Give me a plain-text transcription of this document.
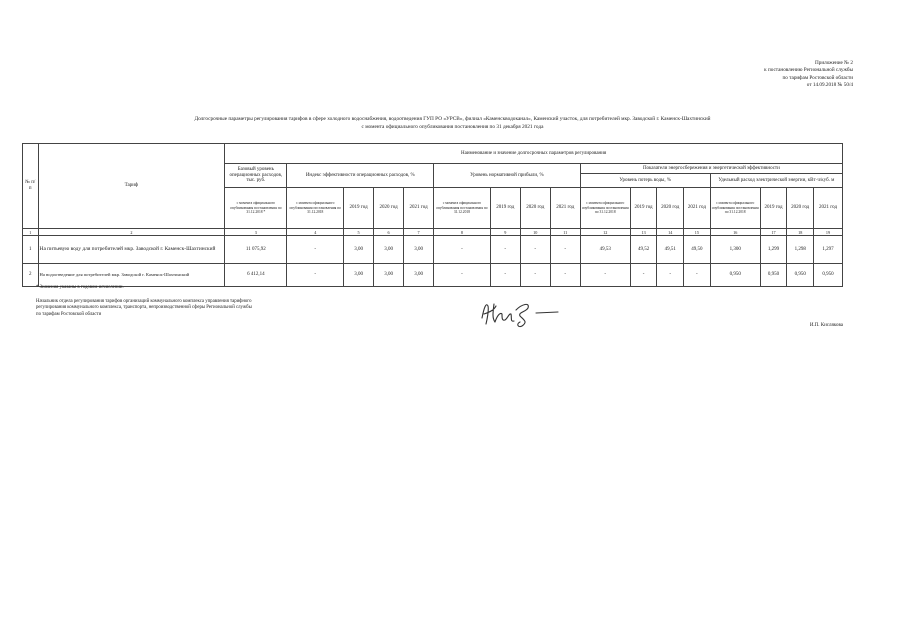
Приложение № 2
к постановлению Региональной службы
по тарифам Ростовской области
от 14.09.2018 № 50/4
Долгосрочные параметры регулирования тарифов в сфере холодного водоснабжения, водоотведения ГУП РО «УРСВ», филиал «Каменскводоканал», Каменский участок, для потребителей мкр. Заводской г. Каменск-Шахтинский
с момента официального опубликования постановления по 31 декабря 2021 года
№ п/п	Тариф	Наименование и значение долгосрочных параметров регулирования																
		Базовый уровень операционных расходов, тыс. руб.	Индекс эффективности операционных расходов, %				Уровень нормативной прибыли, %				Показатели энергосбережения и энергетической эффективности							
											Уровень потерь воды, %				Удельный расход электрической энергии, кВт·ч/куб. м			
		с момента официального опубликования постановления по 31.12.2018 *	с момента официального опубликования постановления по 31.12.2018	2019 год	2020 год	2021 год	с момента официального опубликования постановления по 31.12.2018	2019 год	2020 год	2021 год	с момента официального опубликования постановления по 31.12.2018	2019 год	2020 год	2021 год	с момента официального опубликования постановления по 31.12.2018	2019 год	2020 год	2021 год
1	2	3	4	5	6	7	8	9	10	11	12	13	14	15	16	17	18	19
1	На питьевую воду для потребителей мкр. Заводской г. Каменск-Шахтинский	11 075,92	-	3,00	3,00	3,00	-	-	-	-	49,53	49,52	49,51	49,50	1,300	1,299	1,298	1,297
2	На водоотведение для потребителей мкр. Заводской г. Каменск-Шахтинский	6 412,14	-	3,00	3,00	3,00	-	-	-	-	-	-	-	-	0,950	0,950	0,950	0,950
* Значения указаны в годовом исчислении.
Начальник отдела регулирования тарифов организаций коммунального комплекса управления тарифного
регулирования коммунального комплекса, транспорта, непроизводственной сферы Региональной службы
по тарифам Ростовской области
И.П. Кислякова
